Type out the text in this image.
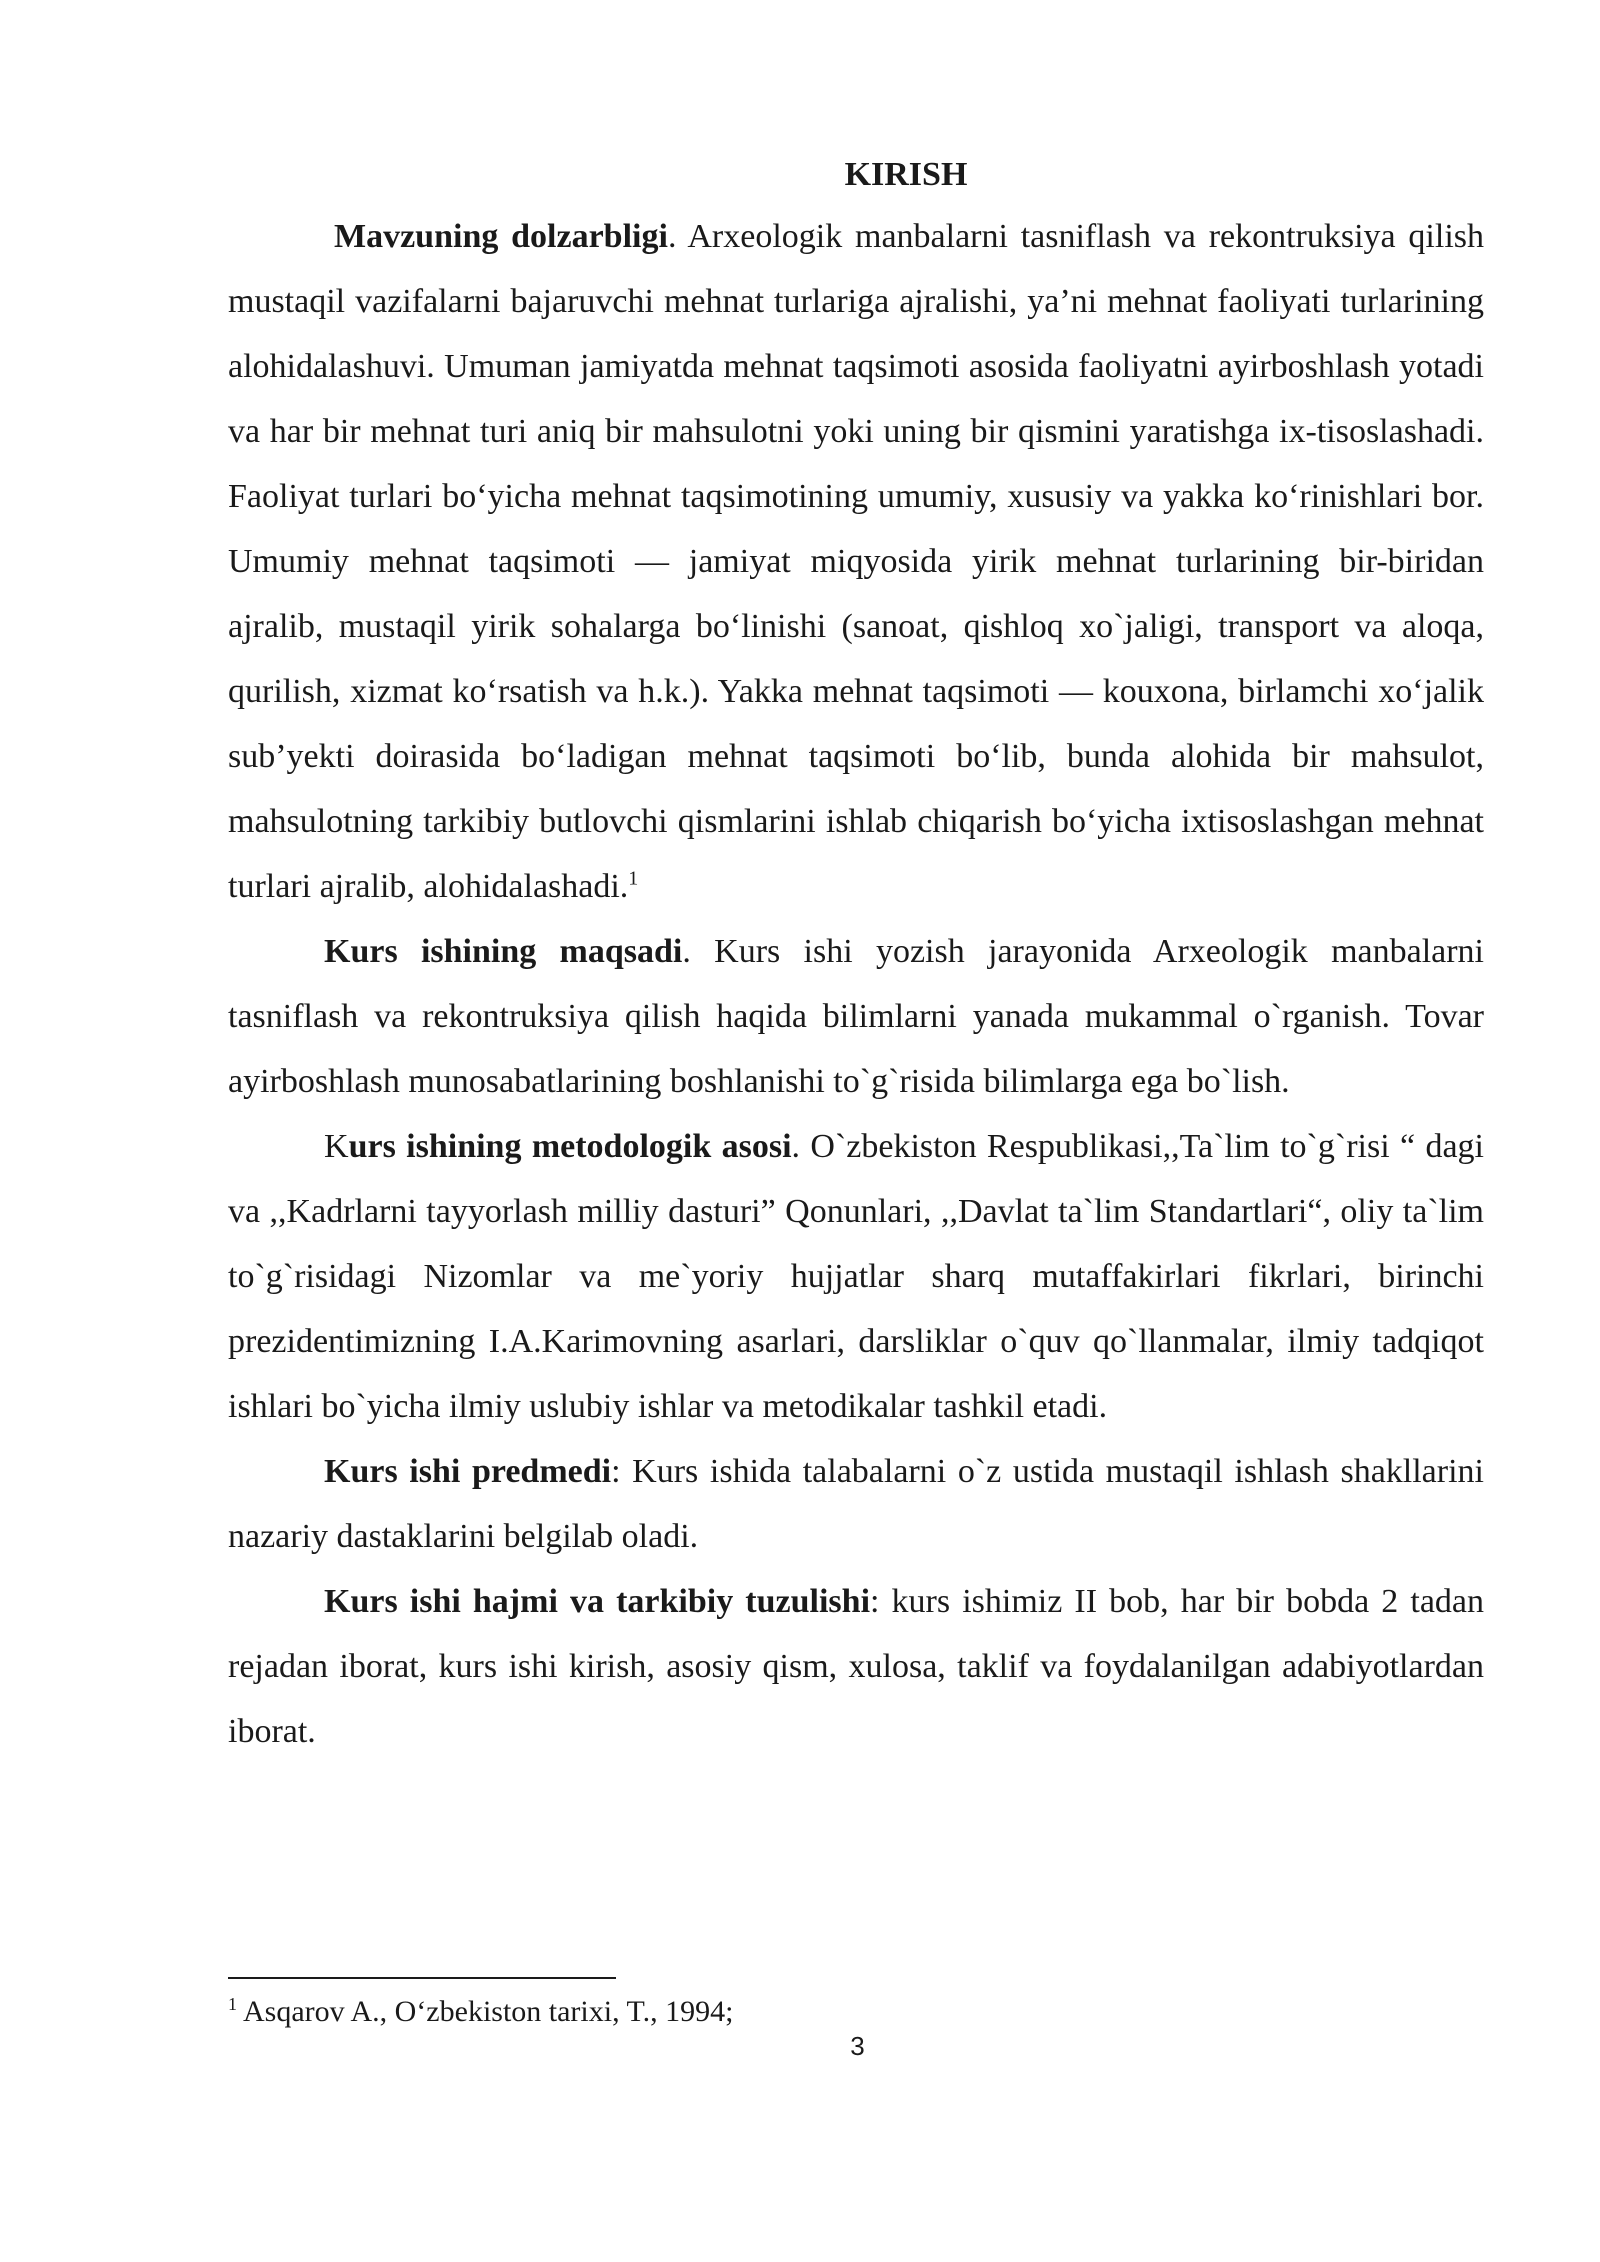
KIRISH

Mavzuning dolzarbligi. Arxeologik manbalarni tasniflash va rekontruksiya qilish mustaqil vazifalarni bajaruvchi mehnat turlariga ajralishi, ya’ni mehnat faoliyati turlarining alohidalashuvi. Umuman jamiyatda mehnat taqsimoti asosida faoliyatni ayirboshlash yotadi va har bir mehnat turi aniq bir mahsulotni yoki uning bir qismini yaratishga ix-tisoslashadi. Faoliyat turlari bo‘yicha mehnat taqsimotining umumiy, xususiy va yakka ko‘rinishlari bor. Umumiy mehnat taqsimoti — jamiyat miqyosida yirik mehnat turlarining bir-biridan ajralib, mustaqil yirik sohalarga bo‘linishi (sanoat, qishloq xo`jaligi, transport va aloqa, qurilish, xizmat ko‘rsatish va h.k.). Yakka mehnat taqsimoti — kouxona, birlamchi xo‘jalik sub’yekti doirasida bo‘ladigan mehnat taqsimoti bo‘lib, bunda alohida bir mahsulot, mahsulotning tarkibiy butlovchi qismlarini ishlab chiqarish bo‘yicha ixtisoslashgan mehnat turlari ajralib, alohidalashadi.$^1$

Kurs ishining maqsadi. Kurs ishi yozish jarayonida Arxeologik manbalarni tasniflash va rekontruksiya qilish haqida bilimlarni yanada mukammal o`rganish. Tovar ayirboshlash munosabatlarining boshlanishi to`g`risida bilimlarga ega bo`lish.

Kurs ishining metodologik asosi. O`zbekiston Respublikasi,,Ta`lim to`g`risi “ dagi va ,,Kadrlarni tayyorlash milliy dasturi” Qonunlari, ,,Davlat ta`lim Standartlari“, oliy ta`lim to`g`risidagi Nizomlar va me`yoriy hujjatlar sharq mutaffakirlari fikrlari, birinchi prezidentimizning I.A.Karimovning asarlari, darsliklar o`quv qo`llanmalar, ilmiy tadqiqot ishlari bo`yicha ilmiy uslubiy ishlar va metodikalar tashkil etadi.

Kurs ishi predmedi: Kurs ishida talabalarni o`z ustida mustaqil ishlash shakllarini nazariy dastaklarini belgilab oladi.

Kurs ishi hajmi va tarkibiy tuzulishi: kurs ishimiz II bob, har bir bobda 2 tadan rejadan iborat, kurs ishi kirish, asosiy qism, xulosa, taklif va foydalanilgan adabiyotlardan iborat.

$^1$ Asqarov A., O‘zbekiston tarixi, T., 1994;
3
